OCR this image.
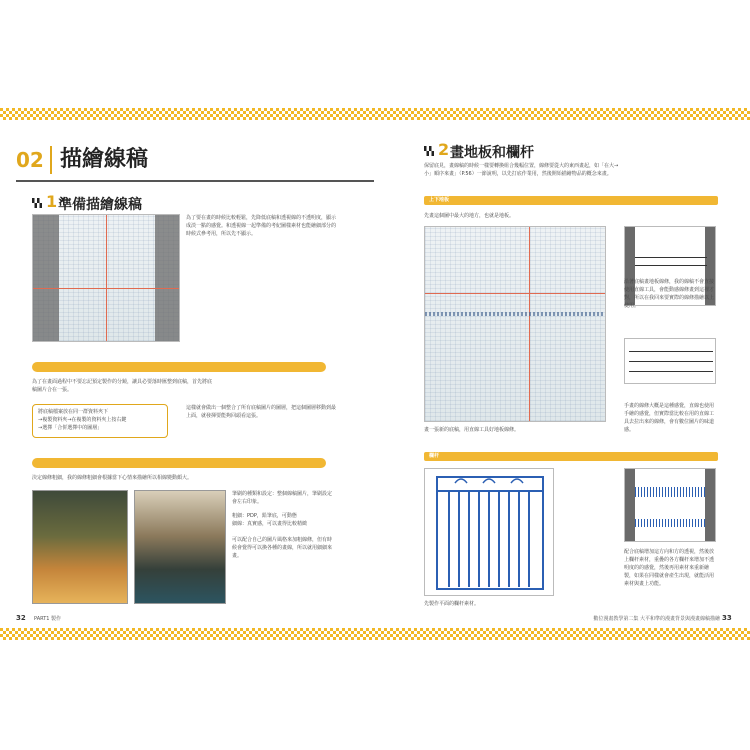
02 描繪線稿
1 準備描繪線稿
為了要在畫的時候比較輕鬆，先降低底稿和透視線的不透明度，顯示成淡一點的感覺。和透視線一起準備的考紀圖樣素材也能繪細部分的時候式參考用，所以先不顯示。
重新再買上回圖層相稿
為了在畫面過程中不要忘記預定製作的分鏡，讓具必要落時匯整到底稿，首先將底稿圖片合在一張。
將底稿檔案放在同一群資料夾下
→複製資料夾→在複製的資料夾上按右鍵
→選擇「合併選擇中的圖層」
這樣就會做出一個整合了所有底稿圖片的圖層，把這個圖層移動到最上面，就發揮要能夠回頭看這張。
決定線條粗細
決定線條粗細，我的線條粗細會根據當下心情來描繪所以相線變動頗大。
筆刷的種類和設定：整個線稿圖片，筆刷設定會左右印象。
粗細：PDP，鉛筆底，可動態
細線：真實感，可以畫得比較精緻
可以配合自己的圖片風格來加粗線條，但有時候會覺得可以換各種的畫線，所以就用細細來畫。
32 PART1 製作
2 畫地板和欄杆
保留底見，畫線稿的時候一樣要轉換組合幾幅位置，線條要從大的東西畫起，如「在大→小」順序來畫」（P.56）一節說明，以先打底作業用，然後開始描繪物品的概念來畫。
上下地板
先畫這個圖中最大的地方，也就是地板。
畫一張新的底稿，用直線工具好地板線條。
沿著底稿畫地板線條，我的線稿不會直接使用直線工具，會能動感線條畫到這裡才對，所以在我回來要實際的線條描繪以上使用。
手畫的線條大概是這種感覺，直線也使用手繪的感覺，但實際當比較在用的直線工具去拉出來的線條，會有數位圖片的味道感。
欄杆
先製作平面的欄杆素材。
配合底稿增加這方向和方的透視，然後放上欄杆素材，重疊的各方欄杆來增加不透明度的的感覺，然後再用素材來重新繪製，如果在同樣就會產生出現，就能活用素材與畫上功能。
數位漫畫教學第二集 大平和準的漫畫背景與漫畫線稿描繪 33
